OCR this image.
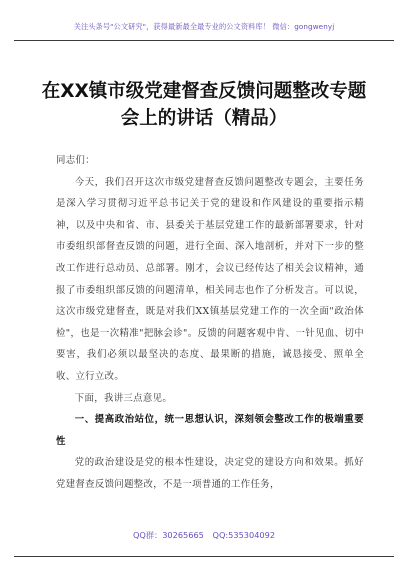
关注头条号"公文研究"，获得最新最全最专业的公文资料库！ 微信：gongwenyj
在XX镇市级党建督查反馈问题整改专题会上的讲话（精品）

同志们：

今天，我们召开这次市级党建督查反馈问题整改专题会，主要任务是深入学习贯彻习近平总书记关于党的建设和作风建设的重要指示精神，以及中央和省、市、县委关于基层党建工作的最新部署要求，针对市委组织部督查反馈的问题，进行全面、深入地剖析，并对下一步的整改工作进行总动员、总部署。刚才，会议已经传达了相关会议精神，通报了市委组织部反馈的问题清单，相关同志也作了分析发言。可以说，这次市级党建督查，既是对我们XX镇基层党建工作的一次全面"政治体检"，也是一次精准"把脉会诊"。反馈的问题客观中肯、一针见血、切中要害，我们必须以最坚决的态度、最果断的措施，诚恳接受、照单全收、立行立改。

下面，我讲三点意见。

一、提高政治站位，统一思想认识，深刻领会整改工作的极端重要性

党的政治建设是党的根本性建设，决定党的建设方向和效果。抓好党建督查反馈问题整改，不是一项普通的工作任务，

QQ群：30265665 QQ:535304092
